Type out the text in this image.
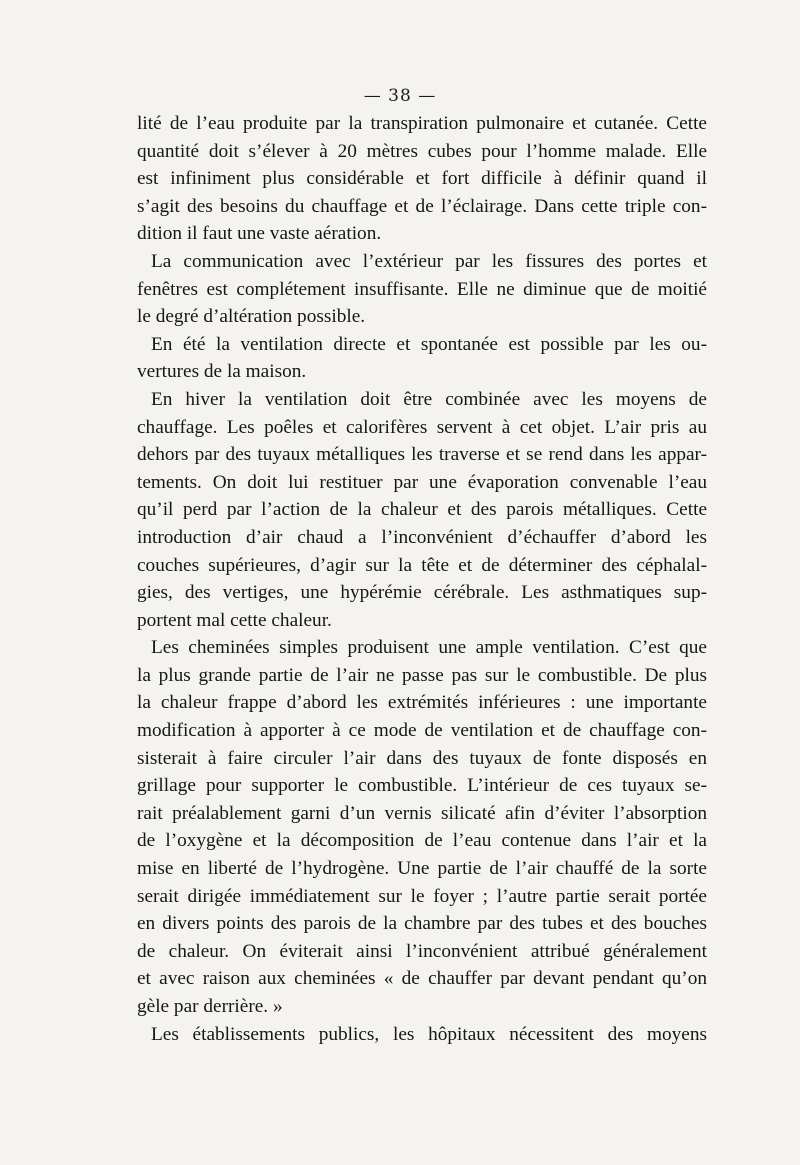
— 38 —
lité de l’eau produite par la transpiration pulmonaire et cutanée. Cette
quantité doit s’élever à 20 mètres cubes pour l’homme malade. Elle
est infiniment plus considérable et fort difficile à définir quand il
s’agit des besoins du chauffage et de l’éclairage. Dans cette triple con-
dition il faut une vaste aération.
La communication avec l’extérieur par les fissures des portes et
fenêtres est complétement insuffisante. Elle ne diminue que de moitié
le degré d’altération possible.
En été la ventilation directe et spontanée est possible par les ou-
vertures de la maison.
En hiver la ventilation doit être combinée avec les moyens de
chauffage. Les poêles et calorifères servent à cet objet. L’air pris au
dehors par des tuyaux métalliques les traverse et se rend dans les appar-
tements. On doit lui restituer par une évaporation convenable l’eau
qu’il perd par l’action de la chaleur et des parois métalliques. Cette
introduction d’air chaud a l’inconvénient d’échauffer d’abord les
couches supérieures, d’agir sur la tête et de déterminer des céphalal-
gies, des vertiges, une hypérémie cérébrale. Les asthmatiques sup-
portent mal cette chaleur.
Les cheminées simples produisent une ample ventilation. C’est que
la plus grande partie de l’air ne passe pas sur le combustible. De plus
la chaleur frappe d’abord les extrémités inférieures : une importante
modification à apporter à ce mode de ventilation et de chauffage con-
sisterait à faire circuler l’air dans des tuyaux de fonte disposés en
grillage pour supporter le combustible. L’intérieur de ces tuyaux se-
rait préalablement garni d’un vernis silicaté afin d’éviter l’absorption
de l’oxygène et la décomposition de l’eau contenue dans l’air et la
mise en liberté de l’hydrogène. Une partie de l’air chauffé de la sorte
serait dirigée immédiatement sur le foyer ; l’autre partie serait portée
en divers points des parois de la chambre par des tubes et des bouches
de chaleur. On éviterait ainsi l’inconvénient attribué généralement
et avec raison aux cheminées « de chauffer par devant pendant qu’on
gèle par derrière. »
Les établissements publics, les hôpitaux nécessitent des moyens
